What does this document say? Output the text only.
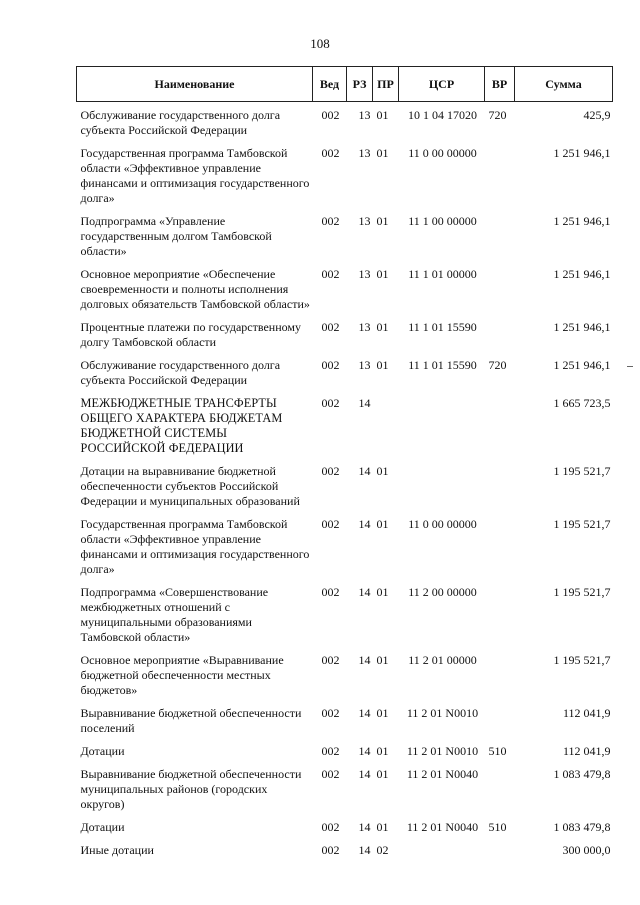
108
Наименование	Вед	РЗ	ПР	ЦСР	ВР	Сумма
Обслуживание государственного долга субъекта Российской Федерации	002	13	01	10 1 04 17020	720	425,9
Государственная программа Тамбовской области «Эффективное управление финансами и оптимизация государственного долга»	002	13	01	11 0 00 00000		1 251 946,1
Подпрограмма «Управление государственным долгом Тамбовской области»	002	13	01	11 1 00 00000		1 251 946,1
Основное мероприятие «Обеспечение своевременности и полноты исполнения долговых обязательств Тамбовской области»	002	13	01	11 1 01 00000		1 251 946,1
Процентные платежи по государственному долгу Тамбовской области	002	13	01	11 1 01 15590		1 251 946,1
Обслуживание государственного долга субъекта Российской Федерации	002	13	01	11 1 01 15590	720	1 251 946,1
МЕЖБЮДЖЕТНЫЕ ТРАНСФЕРТЫ ОБЩЕГО ХАРАКТЕРА БЮДЖЕТАМ БЮДЖЕТНОЙ СИСТЕМЫ РОССИЙСКОЙ ФЕДЕРАЦИИ	002	14				1 665 723,5
Дотации на выравнивание бюджетной обеспеченности субъектов Российской Федерации и муниципальных образований	002	14	01			1 195 521,7
Государственная программа Тамбовской области «Эффективное управление финансами и оптимизация государственного долга»	002	14	01	11 0 00 00000		1 195 521,7
Подпрограмма «Совершенствование межбюджетных отношений с муниципальными образованиями Тамбовской области»	002	14	01	11 2 00 00000		1 195 521,7
Основное мероприятие «Выравнивание бюджетной обеспеченности местных бюджетов»	002	14	01	11 2 01 00000		1 195 521,7
Выравнивание бюджетной обеспеченности поселений	002	14	01	11 2 01 N0010		112 041,9
Дотации	002	14	01	11 2 01 N0010	510	112 041,9
Выравнивание бюджетной обеспеченности муниципальных районов (городских округов)	002	14	01	11 2 01 N0040		1 083 479,8
Дотации	002	14	01	11 2 01 N0040	510	1 083 479,8
Иные дотации	002	14	02			300 000,0
